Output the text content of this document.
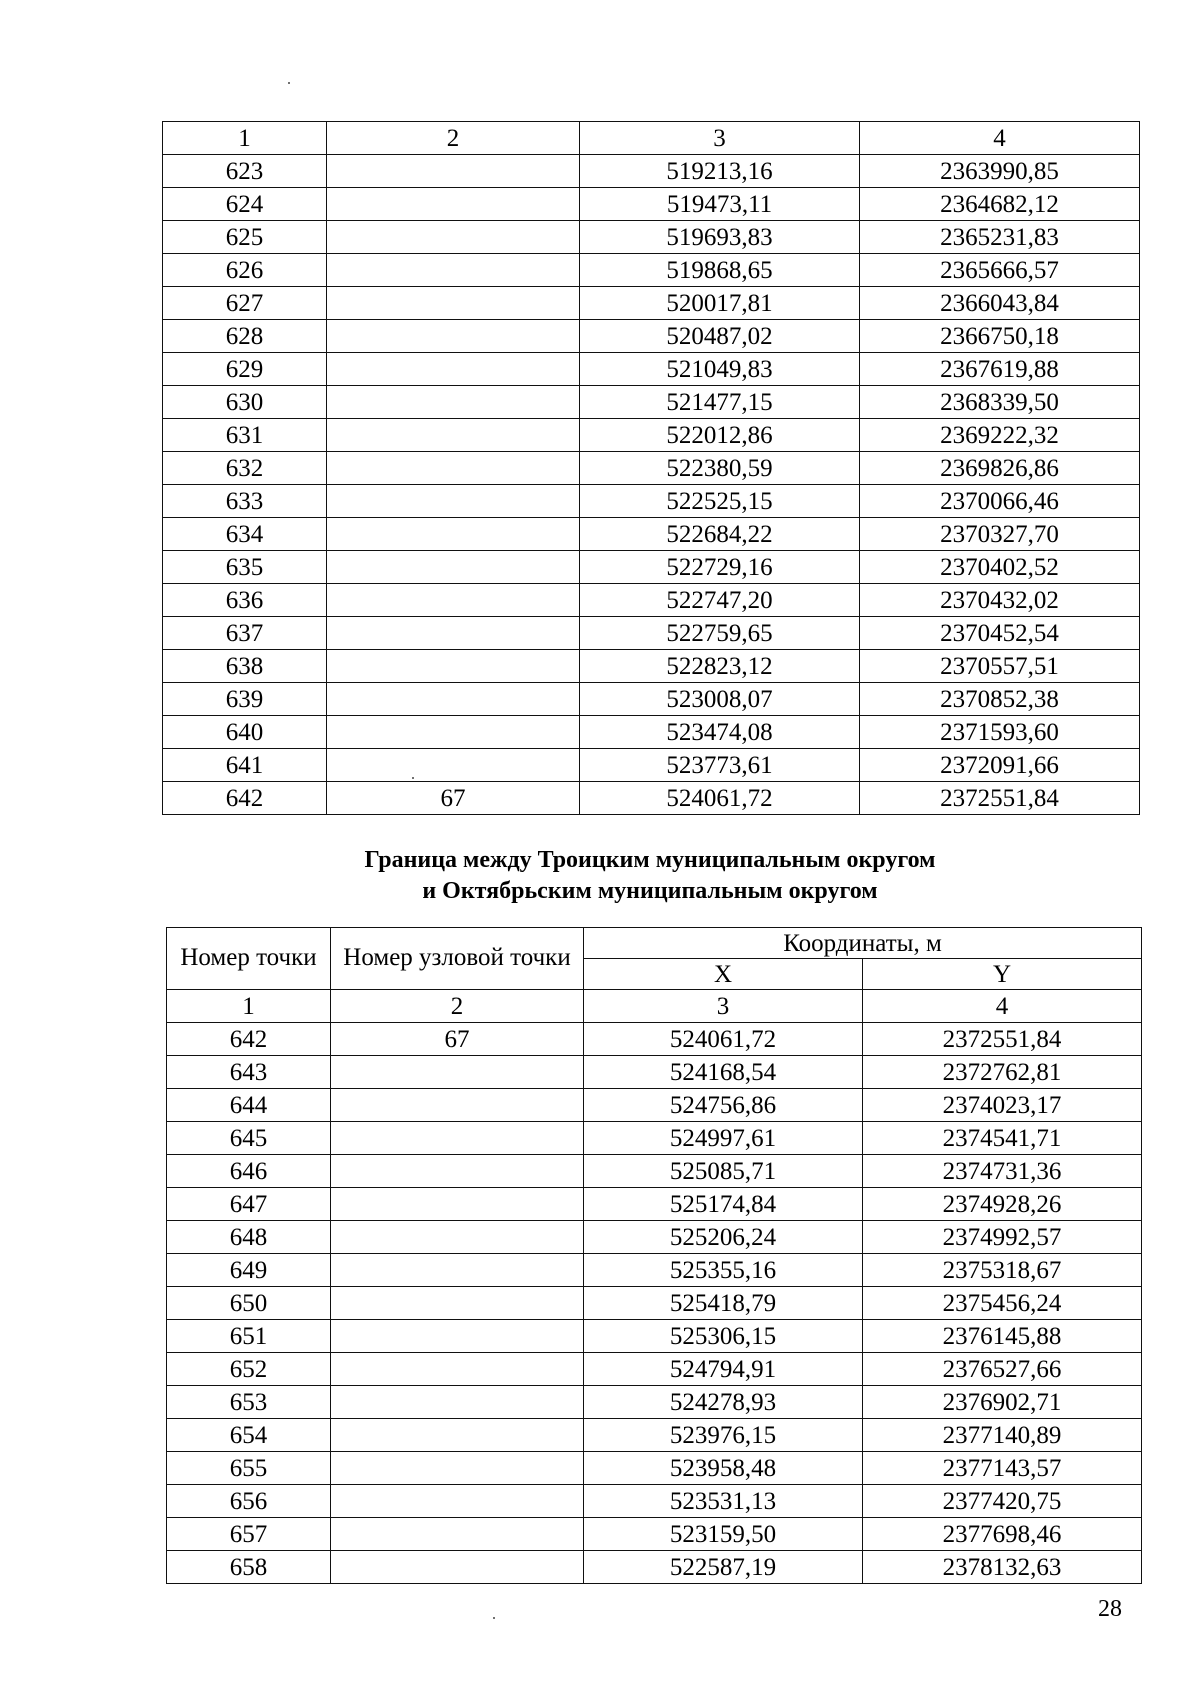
1	2	3	4
623		519213,16	2363990,85
624		519473,11	2364682,12
625		519693,83	2365231,83
626		519868,65	2365666,57
627		520017,81	2366043,84
628		520487,02	2366750,18
629		521049,83	2367619,88
630		521477,15	2368339,50
631		522012,86	2369222,32
632		522380,59	2369826,86
633		522525,15	2370066,46
634		522684,22	2370327,70
635		522729,16	2370402,52
636		522747,20	2370432,02
637		522759,65	2370452,54
638		522823,12	2370557,51
639		523008,07	2370852,38
640		523474,08	2371593,60
641		523773,61	2372091,66
642	67	524061,72	2372551,84
Граница между Троицким муниципальным округом
и Октябрьским муниципальным округом
Номер точки	Номер узловой точки	Координаты, м	
		X	Y
1	2	3	4
642	67	524061,72	2372551,84
643		524168,54	2372762,81
644		524756,86	2374023,17
645		524997,61	2374541,71
646		525085,71	2374731,36
647		525174,84	2374928,26
648		525206,24	2374992,57
649		525355,16	2375318,67
650		525418,79	2375456,24
651		525306,15	2376145,88
652		524794,91	2376527,66
653		524278,93	2376902,71
654		523976,15	2377140,89
655		523958,48	2377143,57
656		523531,13	2377420,75
657		523159,50	2377698,46
658		522587,19	2378132,63
28
